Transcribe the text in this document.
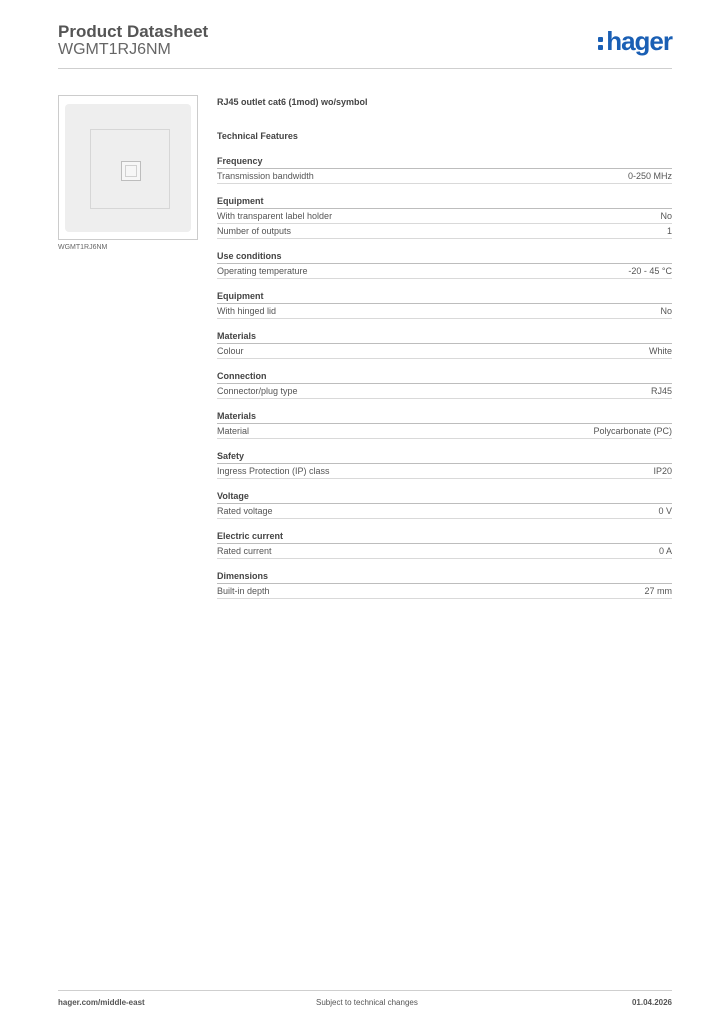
Product Datasheet
WGMT1RJ6NM	hager
WGMT1RJ6NM
RJ45 outlet cat6 (1mod) wo/symbol
Technical Features
Frequency
Transmission bandwidth	0-250 MHz
Equipment
With transparent label holder	No
Number of outputs	1
Use conditions
Operating temperature	-20 - 45 °C
Equipment
With hinged lid	No
Materials
Colour	White
Connection
Connector/plug type	RJ45
Materials
Material	Polycarbonate (PC)
Safety
Ingress Protection (IP) class	IP20
Voltage
Rated voltage	0 V
Electric current
Rated current	0 A
Dimensions
Built-in depth	27 mm
hager.com/middle-east	Subject to technical changes	01.04.2026
